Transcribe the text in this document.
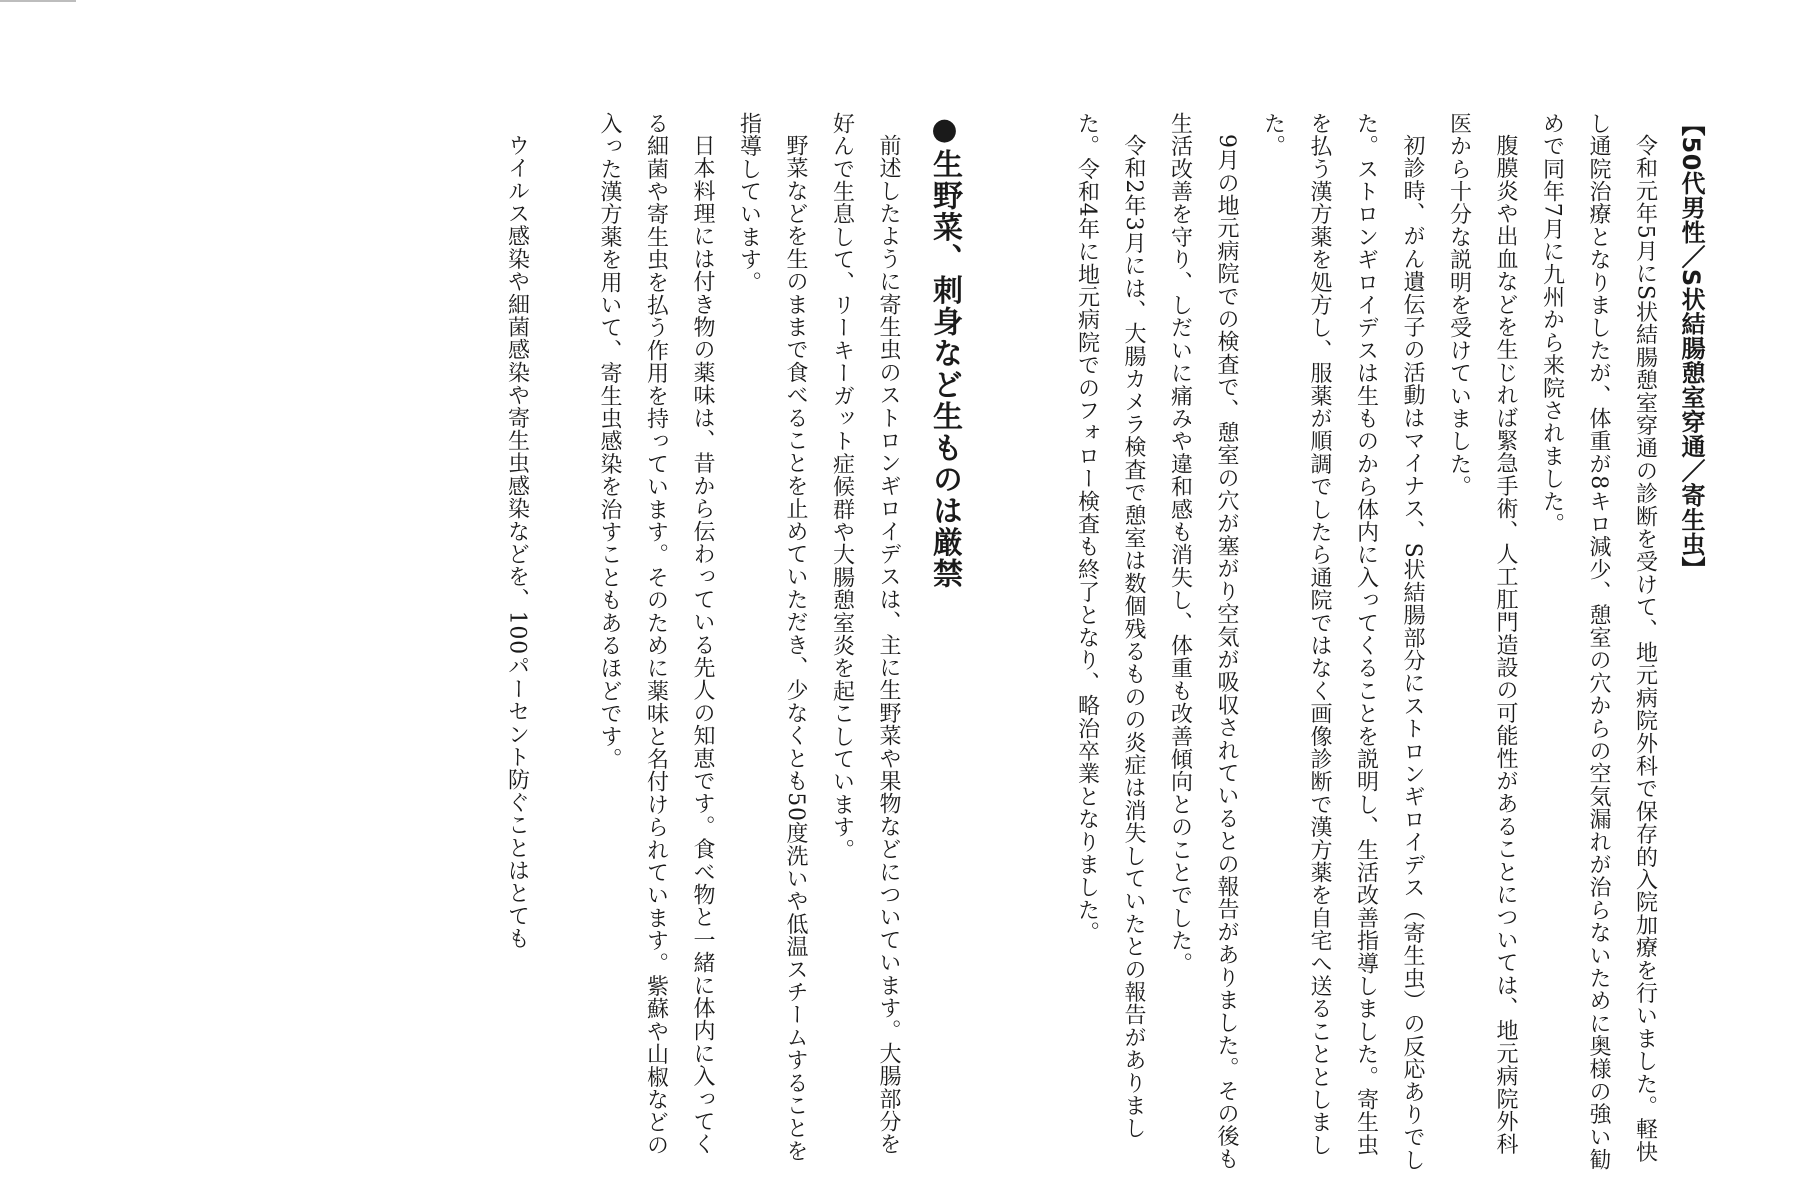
【50代男性／S状結腸憩室穿通／寄生虫】

令和元年5月にS状結腸憩室穿通の診断を受けて、地元病院外科で保存的入院加療を行いました。軽快し通院治療となりましたが、体重が8キロ減少、憩室の穴からの空気漏れが治らないために奥様の強い勧めで同年7月に九州から来院されました。

腹膜炎や出血などを生じれば緊急手術、人工肛門造設の可能性があることについては、地元病院外科医から十分な説明を受けていました。

初診時、がん遺伝子の活動はマイナス、S状結腸部分にストロンギロイデス（寄生虫）の反応ありでした。ストロンギロイデスは生ものから体内に入ってくることを説明し、生活改善指導しました。寄生虫を払う漢方薬を処方し、服薬が順調でしたら通院ではなく画像診断で漢方薬を自宅へ送ることとしました。

9月の地元病院での検査で、憩室の穴が塞がり空気が吸収されているとの報告がありました。その後も生活改善を守り、しだいに痛みや違和感も消失し、体重も改善傾向とのことでした。

令和2年3月には、大腸カメラ検査で憩室は数個残るものの炎症は消失していたとの報告がありました。令和4年に地元病院でのフォロー検査も終了となり、略治卒業となりました。

●生野菜、刺身など生ものは厳禁

前述したように寄生虫のストロンギロイデスは、主に生野菜や果物などについています。大腸部分を好んで生息して、リーキーガット症候群や大腸憩室炎を起こしています。

野菜などを生のままで食べることを止めていただき、少なくとも50度洗いや低温スチームすることを指導しています。

日本料理には付き物の薬味は、昔から伝わっている先人の知恵です。食べ物と一緒に体内に入ってくる細菌や寄生虫を払う作用を持っています。そのために薬味と名付けられています。紫蘇や山椒などの入った漢方薬を用いて、寄生虫感染を治すこともあるほどです。

ウイルス感染や細菌感染や寄生虫感染などを、100パーセント防ぐことはとても
